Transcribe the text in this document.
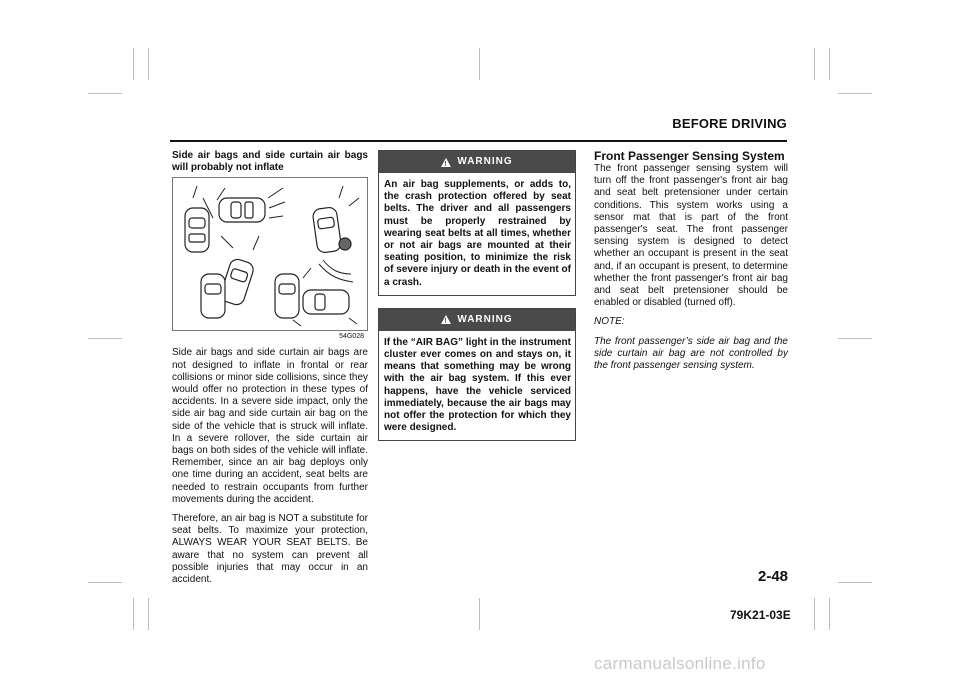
BEFORE DRIVING
Side air bags and side curtain air bags will probably not inflate
54G028

Side air bags and side curtain air bags are not designed to inflate in frontal or rear collisions or minor side collisions, since they would offer no protection in these types of accidents. In a severe side impact, only the side air bag and side curtain air bag on the side of the vehicle that is struck will inflate. In a severe rollover, the side curtain air bags on both sides of the vehicle will inflate. Remember, since an air bag deploys only one time during an accident, seat belts are needed to restrain occupants from further movements during the accident.

Therefore, an air bag is NOT a substitute for seat belts. To maximize your protection, ALWAYS WEAR YOUR SEAT BELTS. Be aware that no system can prevent all possible injuries that may occur in an accident.

!
WARNING
An air bag supplements, or adds to, the crash protection offered by seat belts. The driver and all passengers must be properly restrained by wearing seat belts at all times, whether or not air bags are mounted at their seating position, to minimize the risk of severe injury or death in the event of a crash.
!
WARNING
If the “AIR BAG” light in the instrument cluster ever comes on and stays on, it means that something may be wrong with the air bag system. If this ever happens, have the vehicle serviced immediately, because the air bags may not offer the protection for which they were designed.
Front Passenger Sensing System

The front passenger sensing system will turn off the front passenger's front air bag and seat belt pretensioner under certain conditions. This system works using a sensor mat that is part of the front passenger's seat. The front passenger sensing system is designed to detect whether an occupant is present in the seat and, if an occupant is present, to determine whether the front passenger's front air bag and seat belt pretensioner should be enabled or disabled (turned off).

NOTE:

The front passenger’s side air bag and the side curtain air bag are not controlled by the front passenger sensing system.

2-48
79K21-03E
carmanualsonline.info
